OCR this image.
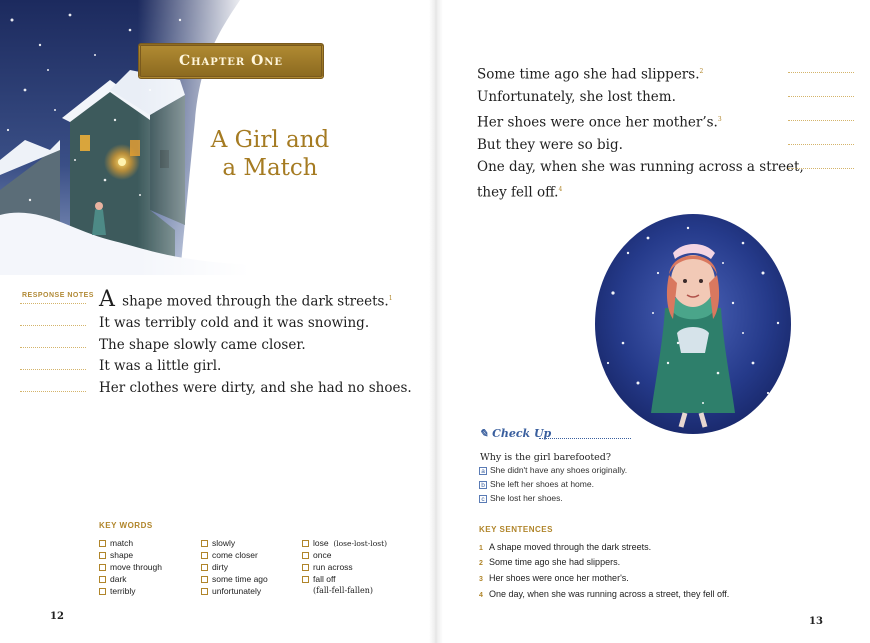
Chapter One
A Girl and
a Match
RESPONSE NOTES A shape moved through the dark streets.$^1$

It was terribly cold and it was snowing.

The shape slowly came closer.

It was a little girl.

Her clothes were dirty, and she had no shoes.

KEY WORDS
match
shape
move through
dark
terribly
slowly
come closer
dirty
some time ago
unfortunately
lose (lose-lost-lost)
once
run across
fall off
(fall-fell-fallen)
12

Some time ago she had slippers.$^2$

Unfortunately, she lost them.

Her shoes were once her mother’s.$^3$

But they were so big.

One day, when she was running across a street,

they fell off.$^4$

✎ Check Up
Why is the girl barefooted?
a She didn't have any shoes originally.
b She left her shoes at home.
c She lost her shoes.
KEY SENTENCES
1 A shape moved through the dark streets.
2 Some time ago she had slippers.
3 Her shoes were once her mother's.
4 One day, when she was running across a street, they fell off.
13
